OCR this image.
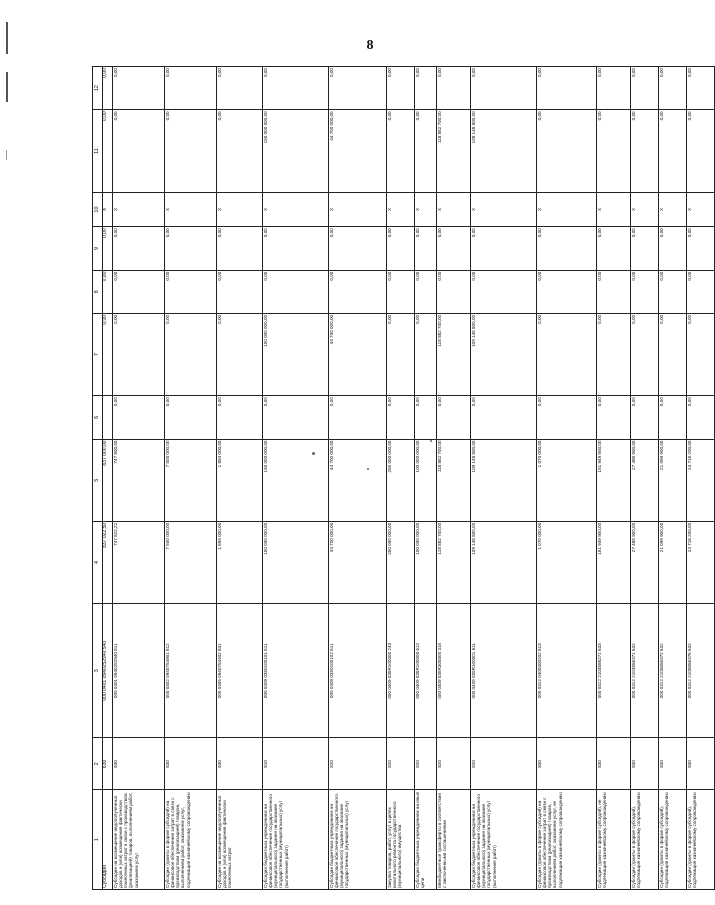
8
1	2	3	4	5	6	7	8	9	10	11	12
Субсидии	630	000 0401 0940252940 540	837 022,50	837 000,00		0,00	0,00	0,00	X	0,00	0,00
Субсидии на возмещение недополученных доходов и (или) возмещение фактически понесенных затрат в связи с производством (реализацией) товаров, выполнением работ, оказанием услуг	630	000 0401 0940252940 811	747 822,22	747 800,00	0,00	0,00	0,00	0,00	X	0,00	0,00
Субсидии (гранты в форме субсидий) на финансовое обеспечение затрат в связи с производством (реализацией) товаров, выполнением работ, оказанием услуг, подлежащие казначейскому сопровождению	630	000 0402 0940754901 812	7 500 000,00	7 500 000,00	0,00	0,00	0,00	0,00	X	0,00	0,00
Субсидии на возмещение недополученных доходов и (или) возмещение фактически понесенных затрат	630	000 0405 0940754402 831	1 894 000,00	1 894 000,00	0,00	0,00	0,00	0,00	X	0,00	0,00
Субсидии бюджетным учреждениям на финансовое обеспечение государственного (муниципального) задания на оказание государственных (муниципальных) услуг (выполнение работ)	810	000 0409 0350100101 611	150 000 000,00	150 000 000,00	0,00	150 000 000,00	0,00	0,00	X	150 000 000,00	0,00
Субсидии бюджетным учреждениям на финансовое обеспечение государственного (муниципального) задания на оказание государственных (муниципальных) услуг	820	000 0409 0350100102 611	44 700 000,00	44 700 000,00	0,00	44 700 000,00	0,00	0,00	X	44 700 000,00	0,00
Закупка товаров, работ, услуг в целях капитального ремонта государственного (муниципального) имущества	820	000 0409 035R100000 243	250 000 000,00	250 000 000,00	0,00	0,00	0,00	0,00	X	0,00	0,00
Субсидии бюджетным учреждениям на иные цели	820	000 0409 035R100000 612	100 000 000,00	100 000 000,00	0,00	0,00	0,00	0,00	X	0,00	0,00
Межбюджетные трансферты в соответствии с заключенными соглашениями	820	000 0409 035R300000 415	118 882 700,00	118 882 700,00	0,00	118 882 700,00	0,00	0,00	X	118 882 700,00	0,00
Субсидии бюджетным учреждениям на финансовое обеспечение государственного (муниципального) задания на оказание государственных (муниципальных) услуг (выполнение работ)	820	000 0409 035R100001 611	109 148 800,00	109 148 800,00	0,00	109 148 800,00	0,00	0,00	X	109 148 800,00	0,00
Субсидии (гранты в форме субсидий) на финансовое обеспечение затрат в связи с производством (реализацией) товаров, выполнением работ, оказанием услуг, не подлежащие казначейскому сопровождению	830	000 0412 0400300202 813	1 070 000,00	1 070 000,00	0,00	0,00	0,00	0,00	X	0,00	0,00
Субсидии (гранты в форме субсидий), не подлежащие казначейскому сопровождению	830	000 0412 2104856271 633	151 949 900,00	151 949 900,00	0,00	0,00	0,00	0,00	X	0,00	0,00
Субсидии (гранты в форме субсидий), подлежащие казначейскому сопровождению	830	000 0412 2104856371 632	27 488 900,00	27 488 900,00	0,00	0,00	0,00	0,00	X	0,00	0,00
Субсидии (гранты в форме субсидий), подлежащие казначейскому сопровождению	830	000 0412 2105856372 632	21 099 900,00	21 099 900,00	0,00	0,00	0,00	0,00	X	0,00	0,00
Субсидии (гранты в форме субсидий), подлежащие казначейскому сопровождению	830	000 0412 2105856376 632	24 718 200,00	24 718 200,00	0,00	0,00	0,00	0,00	X	0,00	0,00
